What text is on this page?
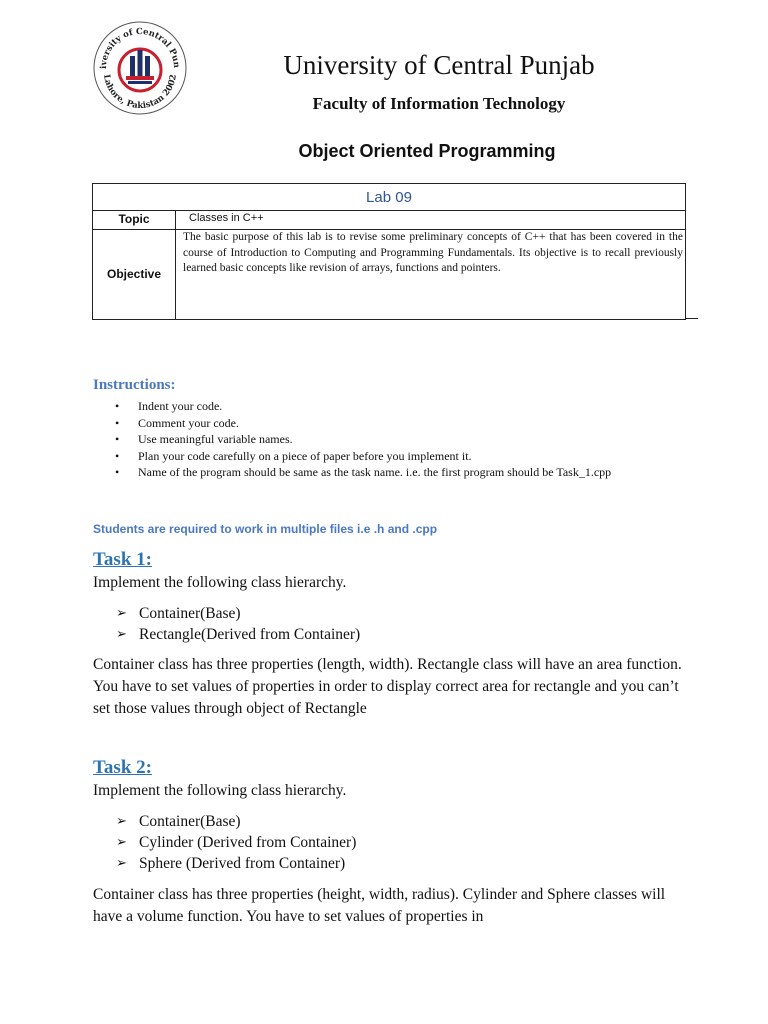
iversity of Central Pun
Lahore, Pakistan 2002	University of Central Punjab
Faculty of Information Technology
Object Oriented Programming
Lab 09
Topic	Classes in C++
Objective
The basic purpose of this lab is to revise some preliminary concepts of C++ that has been covered in the course of Introduction to Computing and Programming Fundamentals. Its objective is to recall previously learned basic concepts like revision of arrays, functions and pointers.
Instructions:
• Indent your code.
• Comment your code.
• Use meaningful variable names.
• Plan your code carefully on a piece of paper before you implement it.
• Name of the program should be same as the task name. i.e. the first program should be Task_1.cpp
Students are required to work in multiple files i.e .h and .cpp
Task 1:
Implement the following class hierarchy.
➢ Container(Base)
➢ Rectangle(Derived from Container)
Container class has three properties (length, width). Rectangle class will have an area function. You have to set values of properties in order to display correct area for rectangle and you can’t set those values through object of Rectangle
Task 2:
Implement the following class hierarchy.
➢ Container(Base)
➢ Cylinder (Derived from Container)
➢ Sphere (Derived from Container)
Container class has three properties (height, width, radius). Cylinder and Sphere classes will have a volume function. You have to set values of properties in
